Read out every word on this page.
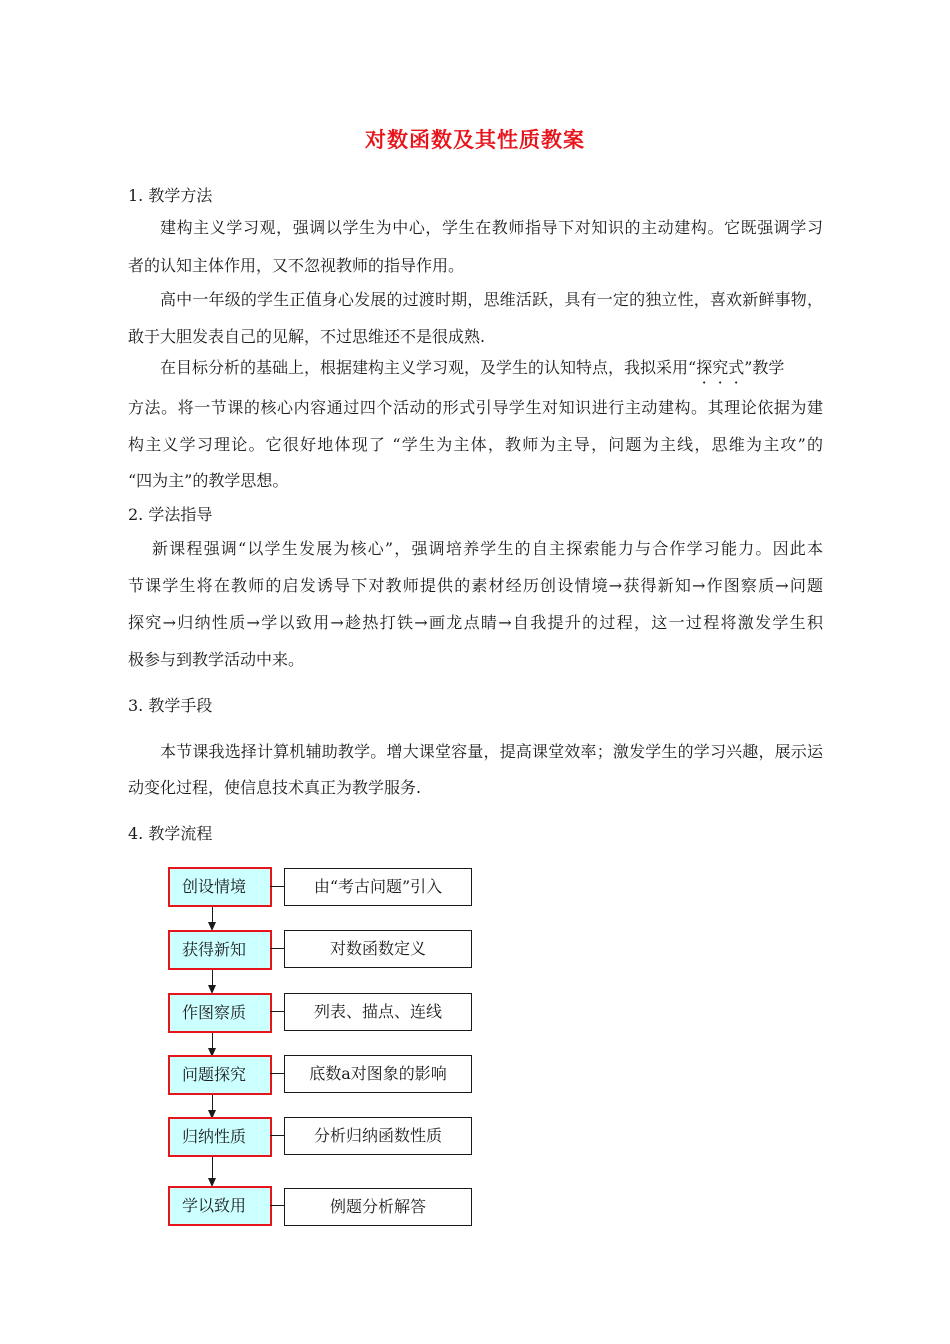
对数函数及其性质教案
1. 教学方法
建构主义学习观，强调以学生为中心，学生在教师指导下对知识的主动建构。它既强调学习
者的认知主体作用，又不忽视教师的指导作用。
高中一年级的学生正值身心发展的过渡时期，思维活跃，具有一定的独立性，喜欢新鲜事物，
敢于大胆发表自己的见解，不过思维还不是很成熟.
在目标分析的基础上，根据建构主义学习观，及学生的认知特点，我拟采用“探究式”教学
方法。将一节课的核心内容通过四个活动的形式引导学生对知识进行主动建构。其理论依据为建
构主义学习理论。它很好地体现了 “学生为主体，教师为主导，问题为主线，思维为主攻”的
“四为主”的教学思想。
2. 学法指导
新课程强调“以学生发展为核心”，强调培养学生的自主探索能力与合作学习能力。因此本
节课学生将在教师的启发诱导下对教师提供的素材经历创设情境→获得新知→作图察质→问题
探究→归纳性质→学以致用→趁热打铁→画龙点睛→自我提升的过程，这一过程将激发学生积
极参与到教学活动中来。
3. 教学手段
本节课我选择计算机辅助教学。增大课堂容量，提高课堂效率；激发学生的学习兴趣，展示运
动变化过程，使信息技术真正为教学服务.
4. 教学流程
创设情境	由“考古问题”引入
获得新知	对数函数定义
作图察质	列表、描点、连线
问题探究	底数a对图象的影响
归纳性质	分析归纳函数性质
学以致用	例题分析解答
